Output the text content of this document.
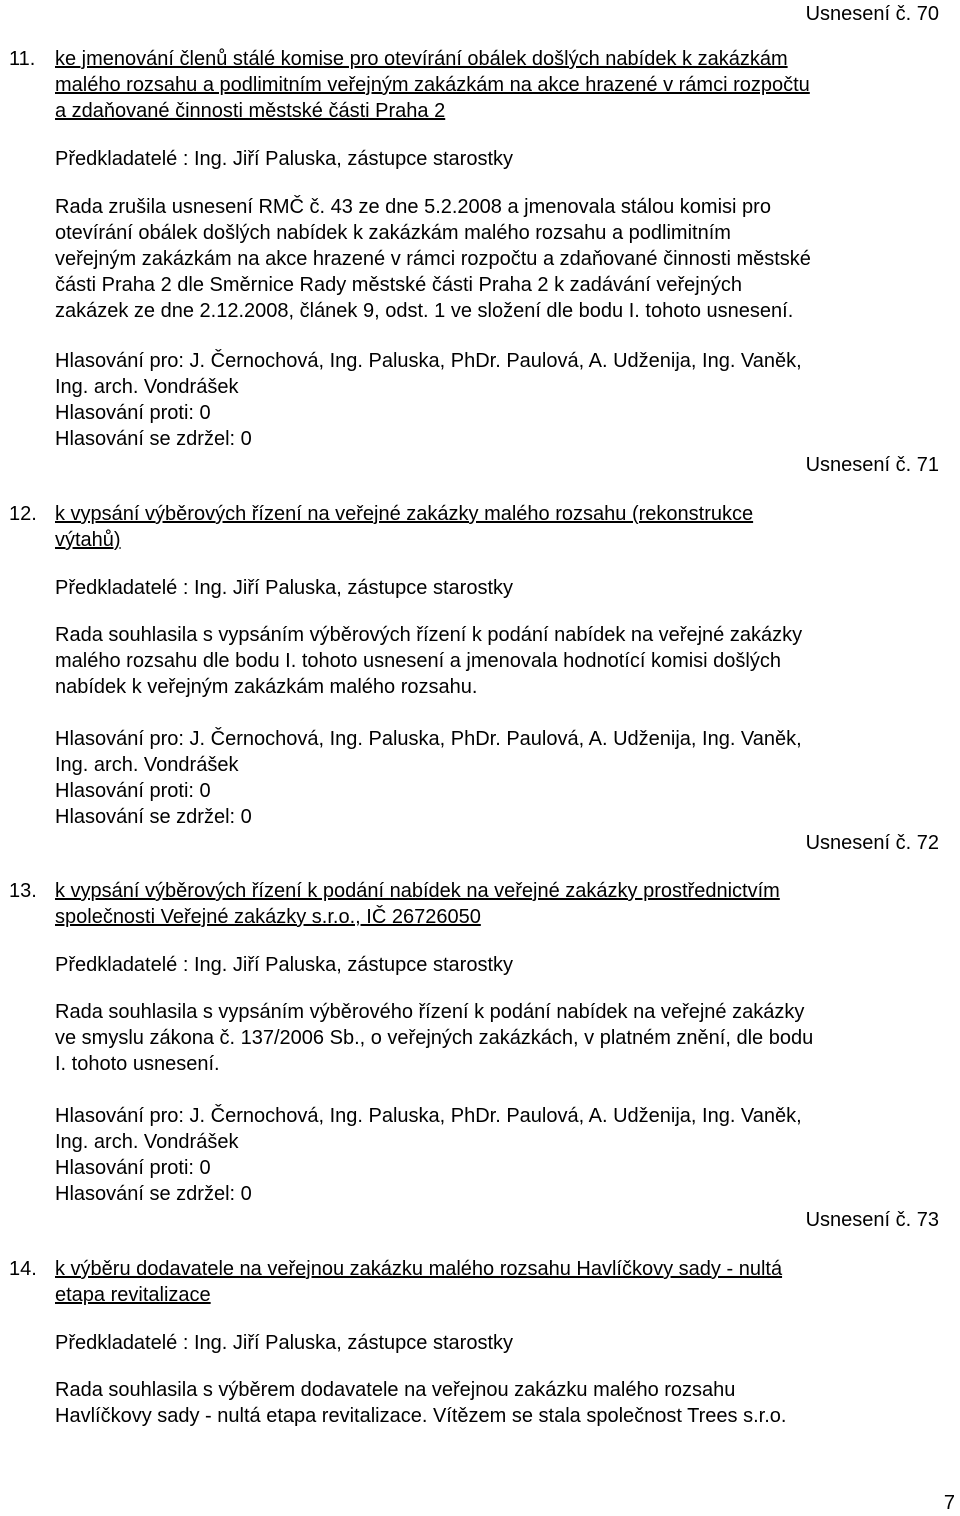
Usnesení č. 70
11. ke jmenování členů stálé komise pro otevírání obálek došlých nabídek k zakázkám
malého rozsahu a podlimitním veřejným zakázkám na akce hrazené v rámci rozpočtu
a zdaňované činnosti městské části Praha 2
Předkladatelé : Ing. Jiří Paluska, zástupce starostky
Rada zrušila usnesení RMČ č. 43 ze dne 5.2.2008 a jmenovala stálou komisi pro
otevírání obálek došlých nabídek k zakázkám malého rozsahu a podlimitním
veřejným zakázkám na akce hrazené v rámci rozpočtu a zdaňované činnosti městské
části Praha 2 dle Směrnice Rady městské části Praha 2 k zadávání veřejných
zakázek ze dne 2.12.2008, článek 9, odst. 1 ve složení dle bodu I. tohoto usnesení.
Hlasování pro: J. Černochová, Ing. Paluska, PhDr. Paulová, A. Udženija, Ing. Vaněk,
Ing. arch. Vondrášek
Hlasování proti: 0
Hlasování se zdržel: 0
Usnesení č. 71
12. k vypsání výběrových řízení na veřejné zakázky malého rozsahu (rekonstrukce
výtahů)
Předkladatelé : Ing. Jiří Paluska, zástupce starostky
Rada souhlasila s vypsáním výběrových řízení k podání nabídek na veřejné zakázky
malého rozsahu dle bodu I. tohoto usnesení a jmenovala hodnotící komisi došlých
nabídek k veřejným zakázkám malého rozsahu.
Hlasování pro: J. Černochová, Ing. Paluska, PhDr. Paulová, A. Udženija, Ing. Vaněk,
Ing. arch. Vondrášek
Hlasování proti: 0
Hlasování se zdržel: 0
Usnesení č. 72
13. k vypsání výběrových řízení k podání nabídek na veřejné zakázky prostřednictvím
společnosti Veřejné zakázky s.r.o., IČ 26726050
Předkladatelé : Ing. Jiří Paluska, zástupce starostky
Rada souhlasila s vypsáním výběrového řízení k podání nabídek na veřejné zakázky
ve smyslu zákona č. 137/2006 Sb., o veřejných zakázkách, v platném znění, dle bodu
I. tohoto usnesení.
Hlasování pro: J. Černochová, Ing. Paluska, PhDr. Paulová, A. Udženija, Ing. Vaněk,
Ing. arch. Vondrášek
Hlasování proti: 0
Hlasování se zdržel: 0
Usnesení č. 73
14. k výběru dodavatele na veřejnou zakázku malého rozsahu Havlíčkovy sady - nultá
etapa revitalizace
Předkladatelé : Ing. Jiří Paluska, zástupce starostky
Rada souhlasila s výběrem dodavatele na veřejnou zakázku malého rozsahu
Havlíčkovy sady - nultá etapa revitalizace. Vítězem se stala společnost Trees s.r.o.
7
